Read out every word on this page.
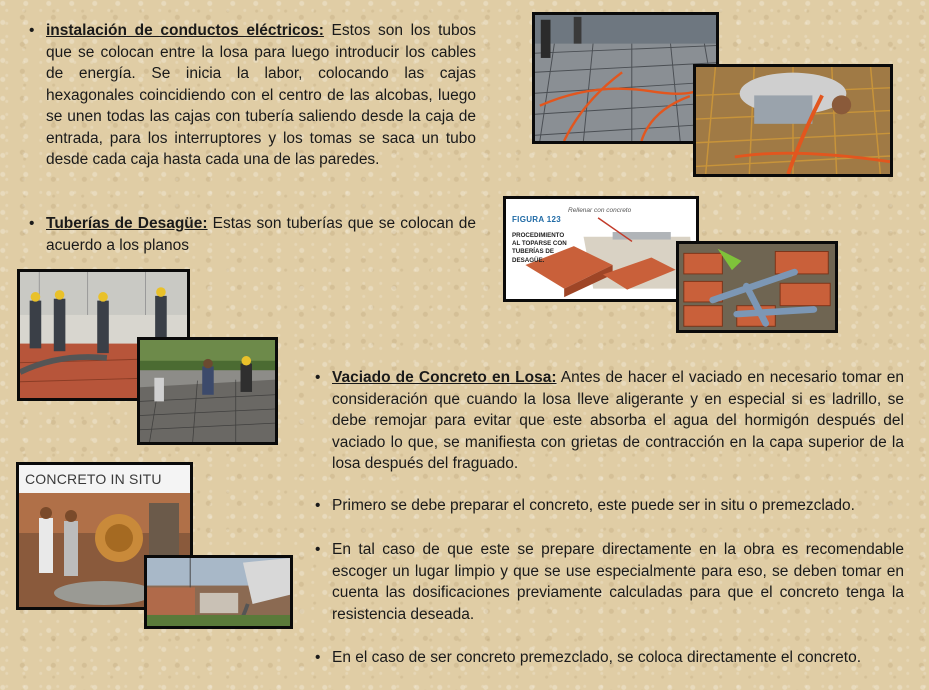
• instalación de conductos eléctricos: Estos son los tubos que se colocan entre la losa para luego introducir los cables de energía. Se inicia la labor, colocando las cajas hexagonales coincidiendo con el centro de las alcobas, luego se unen todas las cajas con tubería saliendo desde la caja de entrada, para los interruptores y los tomas se saca un tubo desde cada caja hasta cada una de las paredes.
• Tuberías de Desagüe: Estas son tuberías que se colocan de acuerdo a los planos
• Vaciado de Concreto en Losa: Antes de hacer el vaciado en necesario tomar en consideración que cuando la losa lleve aligerante y en especial si es ladrillo, se debe remojar para evitar que este absorba el agua del hormigón después del vaciado lo que, se manifiesta con grietas de contracción en la capa superior de la losa después del fraguado.
• Primero se debe preparar el concreto, este puede ser in situ o premezclado.
• En tal caso de que este se prepare directamente en la obra es recomendable escoger un lugar limpio y que se use especialmente para eso, se deben tomar en cuenta las dosificaciones previamente calculadas para que el concreto tenga la resistencia deseada.
• En el caso de ser concreto premezclado, se coloca directamente el concreto.
FIGURA 123
PROCEDIMIENTO AL TOPARSE CON TUBERÍAS DE DESAGÜE.
Rellenar con concreto
CONCRETO IN SITU
